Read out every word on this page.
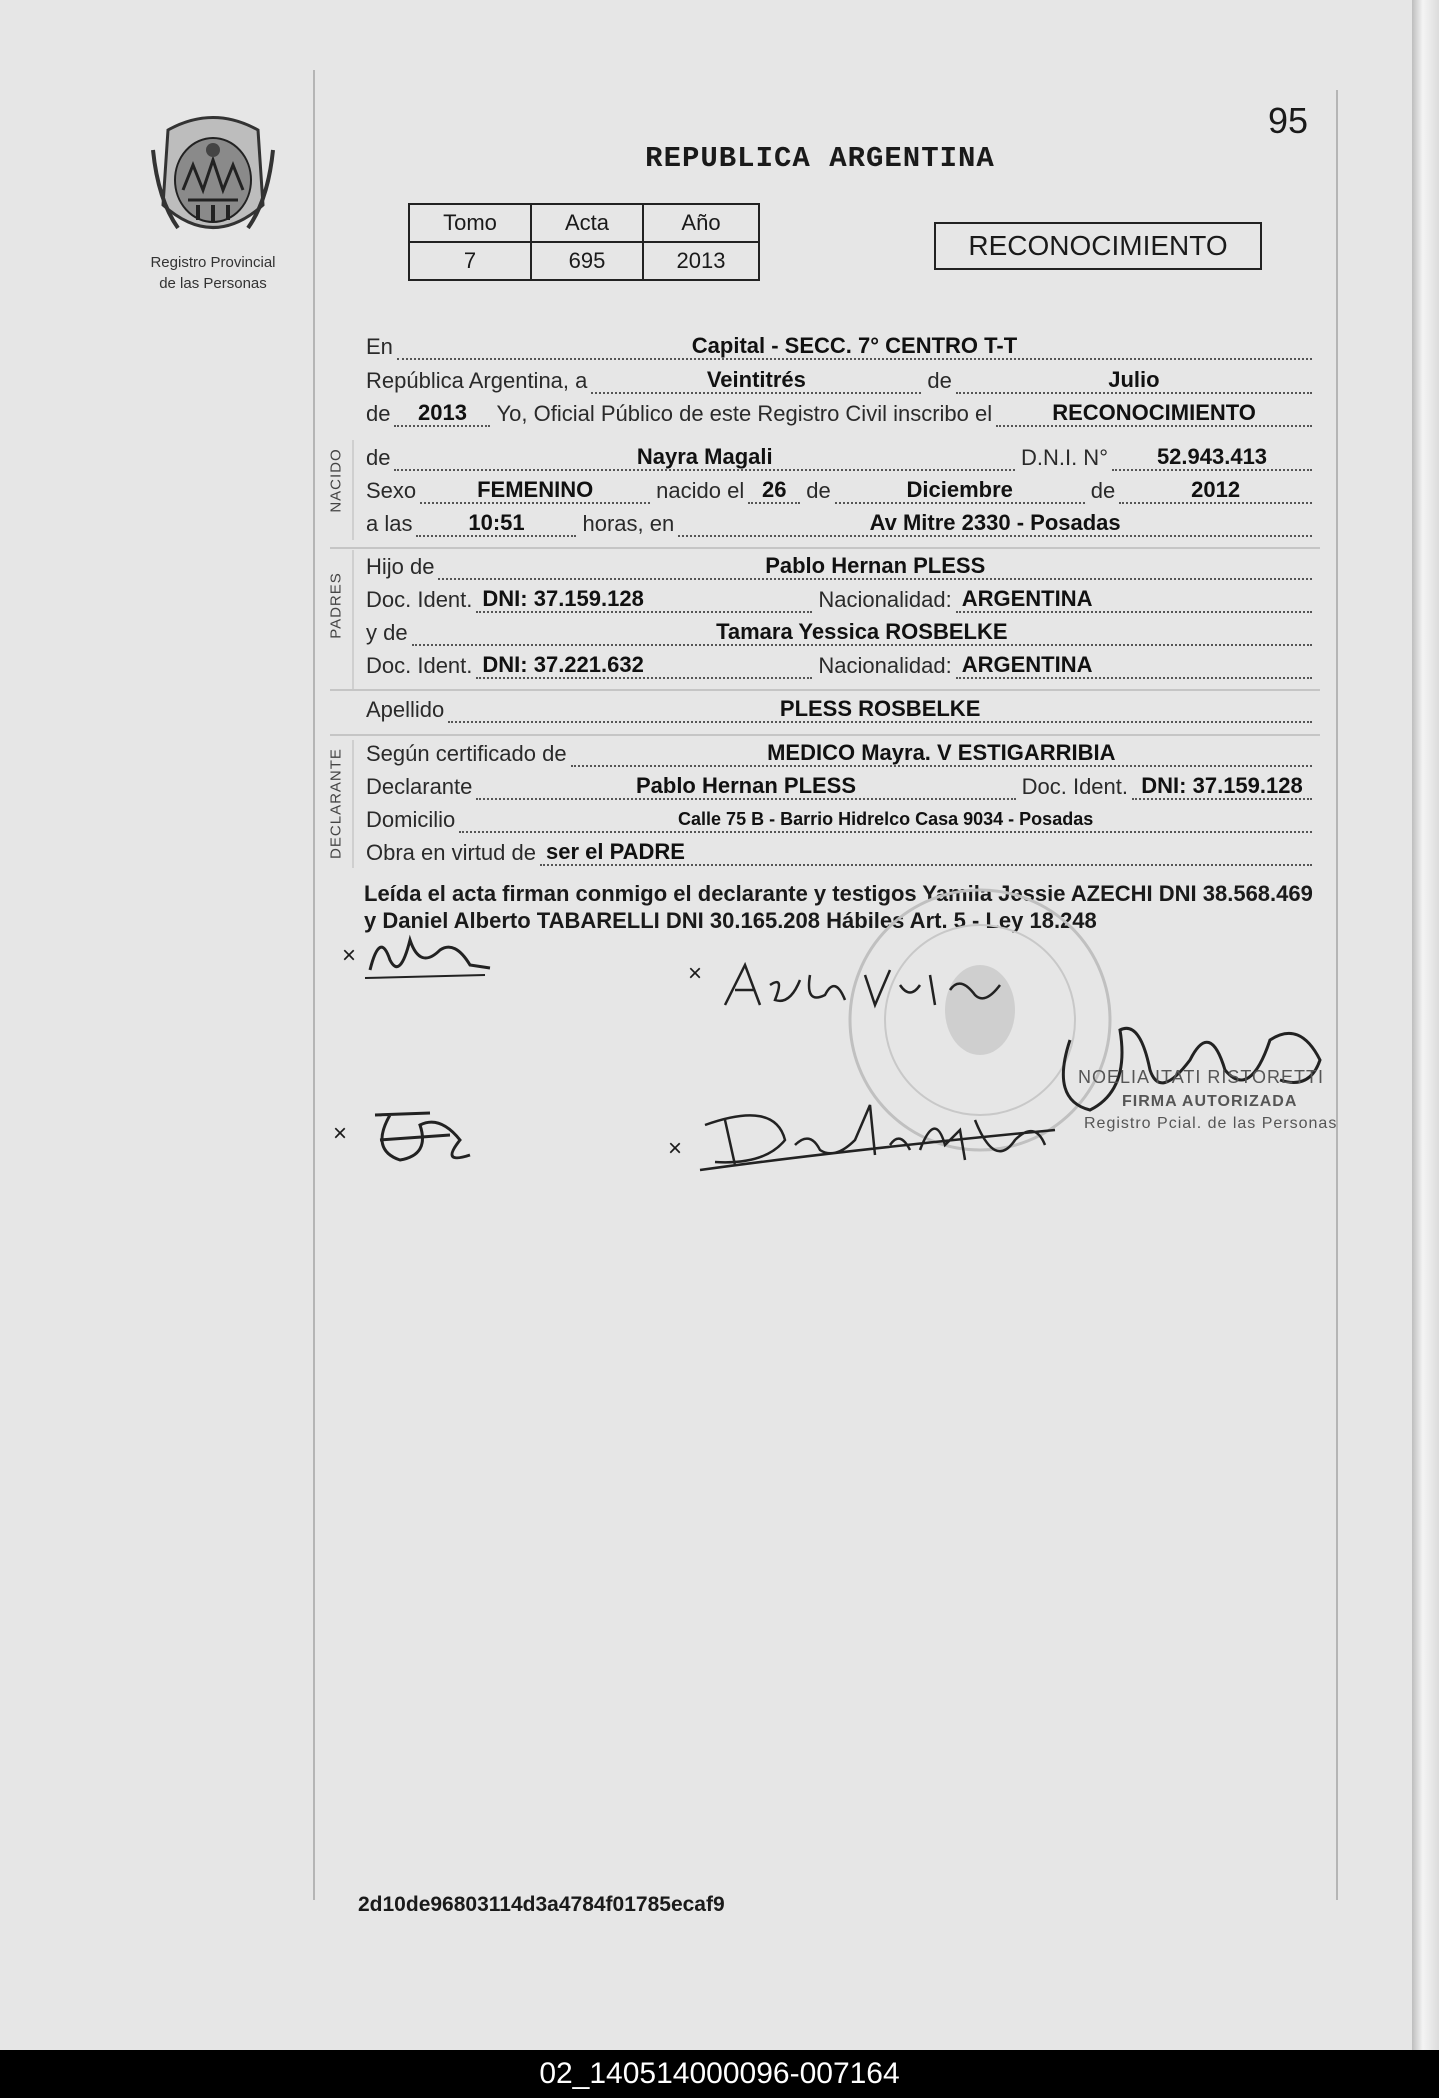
Registro Provincial
de las Personas
95
REPUBLICA ARGENTINA
Tomo	Acta	Año
7	695	2013	RECONOCIMIENTO
En	Capital - SECC. 7° CENTRO T-T
República Argentina, a	Veintitrés	de	Julio
de	2013	Yo, Oficial Público de este Registro Civil inscribo el	RECONOCIMIENTO
NACIDO de	Nayra Magali	D.N.I. N°	52.943.413
Sexo	FEMENINO	nacido el 26 de	Diciembre	de	2012
a las	10:51	horas, en	Av Mitre 2330 - Posadas
PADRES
Hijo de	Pablo Hernan PLESS
Doc. Ident. DNI: 37.159.128	Nacionalidad: ARGENTINA
y de	Tamara Yessica ROSBELKE
Doc. Ident. DNI: 37.221.632	Nacionalidad: ARGENTINA
Apellido	PLESS ROSBELKE
DECLARANTE Según certificado de	MEDICO Mayra. V ESTIGARRIBIA
Declarante	Pablo Hernan PLESS	Doc. Ident. DNI: 37.159.128
Domicilio	Calle 75 B - Barrio Hidrelco Casa 9034 - Posadas
Obra en virtud de ser el PADRE
Leída el acta firman conmigo el declarante y testigos Yamila Jessie AZECHI DNI 38.568.469 y Daniel Alberto TABARELLI DNI 30.165.208 Hábiles Art. 5 - Ley 18.248
×
×
×
×
NOELIA ITATI RISTORETTI
FIRMA AUTORIZADA
Registro Pcial. de las Personas
2d10de96803114d3a4784f01785ecaf9
02_140514000096-007164
